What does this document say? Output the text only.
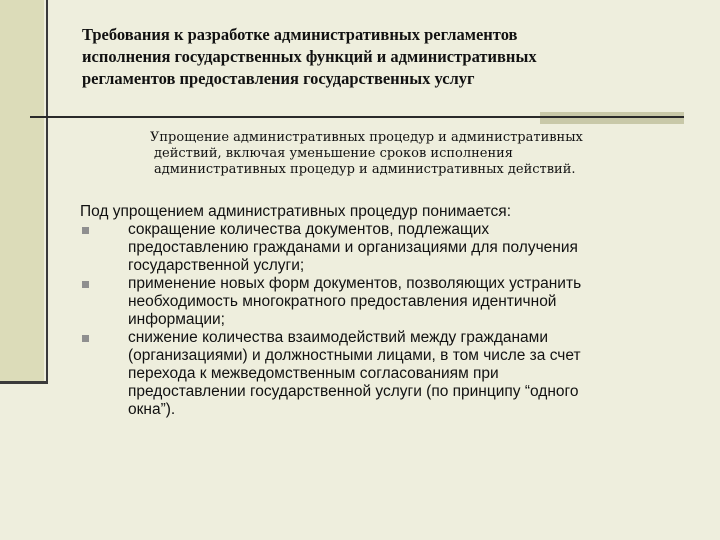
Требования к разработке административных регламентов
исполнения государственных функций и административных
регламентов предоставления государственных услуг
Упрощение административных процедур и административных
действий, включая уменьшение сроков исполнения
административных процедур и административных действий.
Под упрощением административных процедур понимается:
сокращение количества документов, подлежащих
предоставлению гражданами и организациями для получения
государственной услуги;
применение новых форм документов, позволяющих устранить
необходимость многократного предоставления идентичной
информации;
снижение количества взаимодействий между гражданами
(организациями) и должностными лицами, в том числе за счет
перехода к межведомственным согласованиям при
предоставлении государственной услуги (по принципу “одного
окна”).
